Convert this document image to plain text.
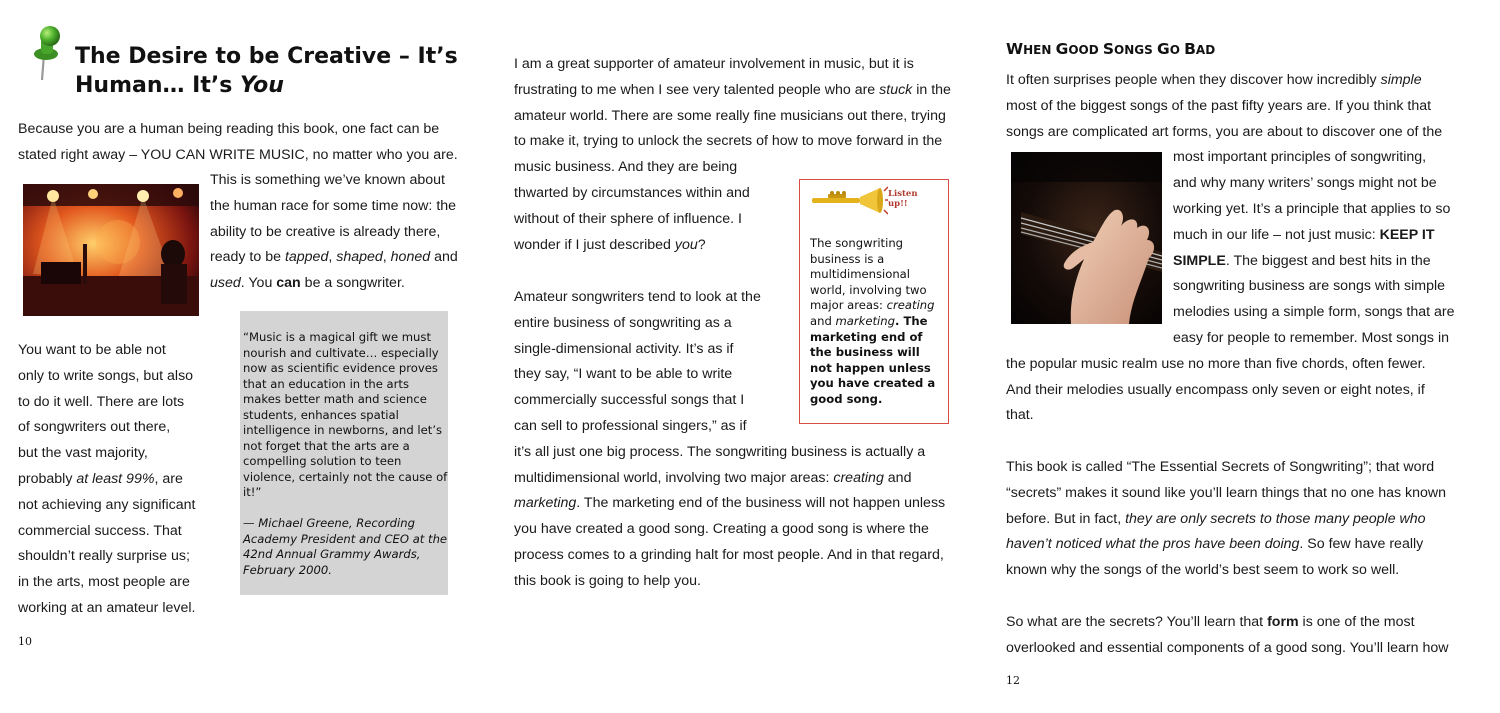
The Desire to be Creative – It’s
Human… It’s You
Because you are a human being reading this book, one fact can be
stated right away – YOU CAN WRITE MUSIC, no matter who you are.
This is something we’ve known about
the human race for some time now: the
ability to be creative is already there,
ready to be tapped, shaped, honed and
used. You can be a songwriter.
You want to be able not
only to write songs, but also
to do it well. There are lots
of songwriters out there,
but the vast majority,
probably at least 99%, are
not achieving any significant
commercial success. That
shouldn’t really surprise us;
in the arts, most people are
working at an amateur level.
“Music is a magical gift we must
nourish and cultivate… especially
now as scientific evidence proves
that an education in the arts
makes better math and science
students, enhances spatial
intelligence in newborns, and let’s
not forget that the arts are a
compelling solution to teen
violence, certainly not the cause of
it!”
— Michael Greene, Recording
Academy President and CEO at the
42nd Annual Grammy Awards,
February 2000.
10
I am a great supporter of amateur involvement in music, but it is
frustrating to me when I see very talented people who are stuck in the
amateur world. There are some really fine musicians out there, trying
to make it, trying to unlock the secrets of how to move forward in the
music business. And they are being
thwarted by circumstances within and
without of their sphere of influence. I
wonder if I just described you?
Amateur songwriters tend to look at the
entire business of songwriting as a
single-dimensional activity. It’s as if
they say, “I want to be able to write
commercially successful songs that I
can sell to professional singers,” as if
it’s all just one big process. The songwriting business is actually a
multidimensional world, involving two major areas: creating and
marketing. The marketing end of the business will not happen unless
you have created a good song. Creating a good song is where the
process comes to a grinding halt for most people. And in that regard,
this book is going to help you.
Listen
up!!
The songwriting
business is a
multidimensional
world, involving two
major areas: creating
and marketing. The
marketing end of
the business will
not happen unless
you have created a
good song.
WHEN GOOD SONGS GO BAD
It often surprises people when they discover how incredibly simple
most of the biggest songs of the past fifty years are. If you think that
songs are complicated art forms, you are about to discover one of the
most important principles of songwriting,
and why many writers’ songs might not be
working yet. It’s a principle that applies to so
much in our life – not just music: KEEP IT
SIMPLE. The biggest and best hits in the
songwriting business are songs with simple
melodies using a simple form, songs that are
easy for people to remember. Most songs in
the popular music realm use no more than five chords, often fewer.
And their melodies usually encompass only seven or eight notes, if
that.
This book is called “The Essential Secrets of Songwriting”; that word
“secrets” makes it sound like you’ll learn things that no one has known
before. But in fact, they are only secrets to those many people who
haven’t noticed what the pros have been doing. So few have really
known why the songs of the world’s best seem to work so well.
So what are the secrets? You’ll learn that form is one of the most
overlooked and essential components of a good song. You’ll learn how
12
